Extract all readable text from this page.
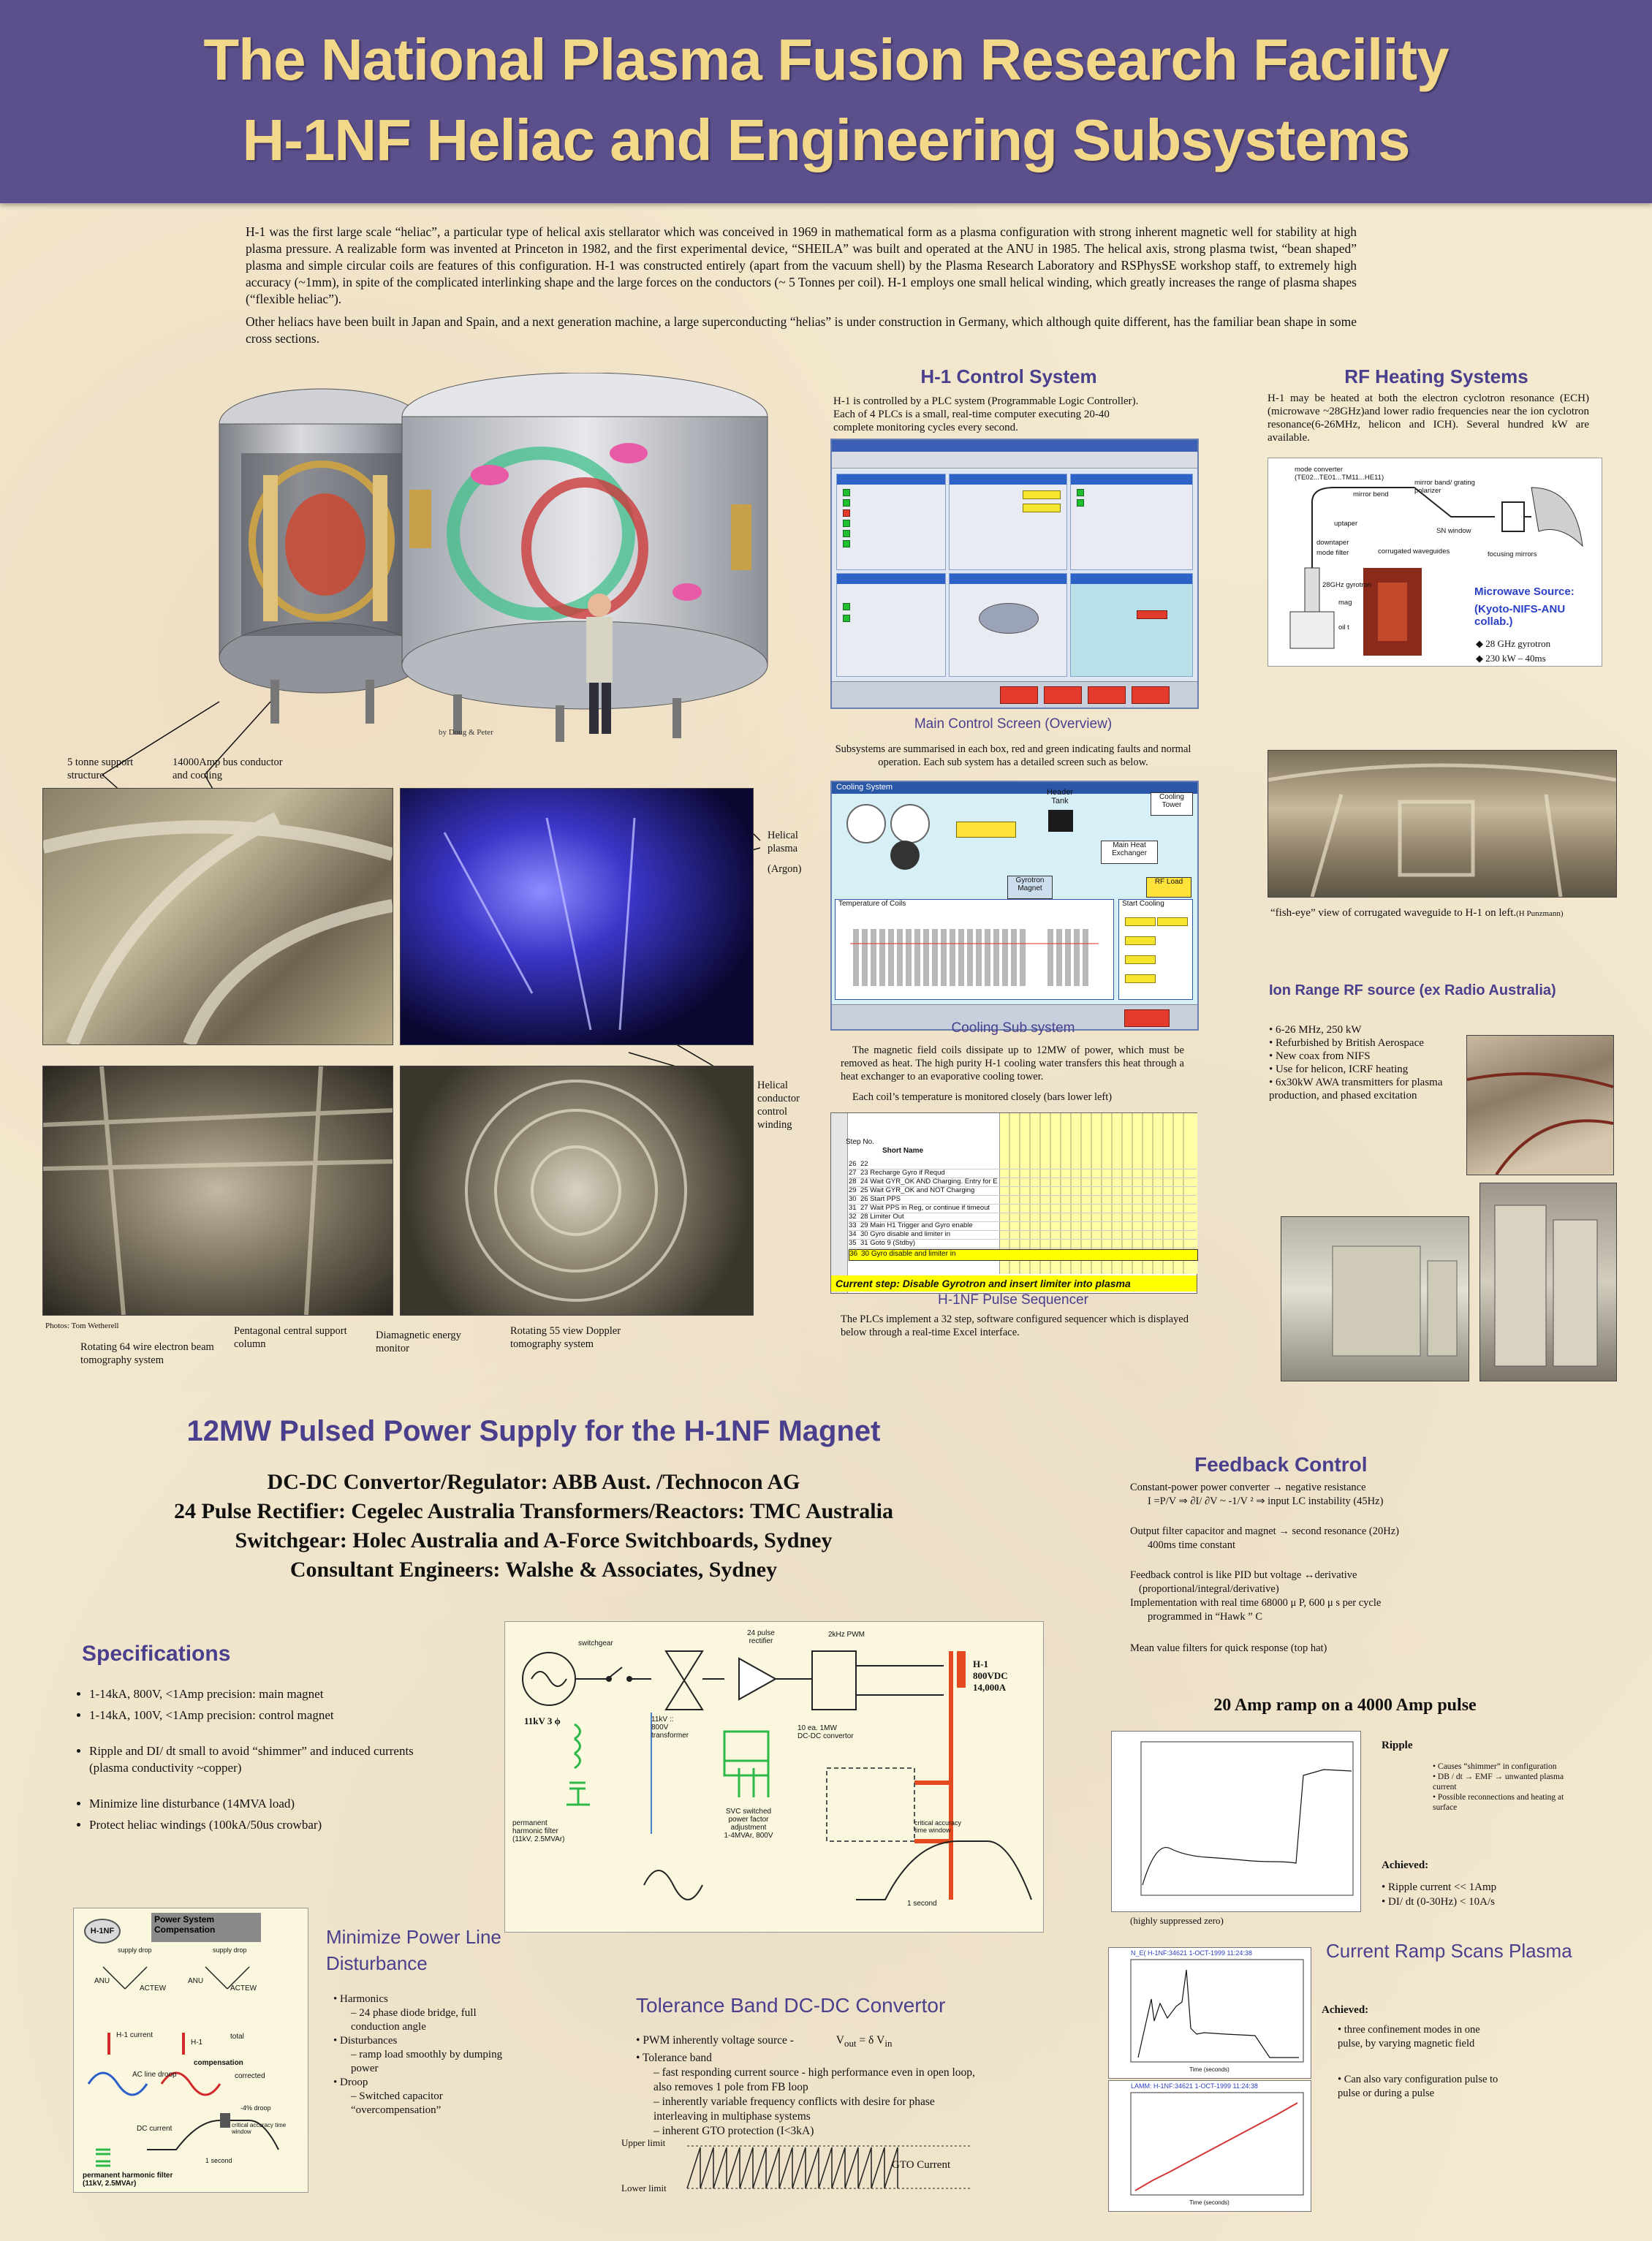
The National Plasma Fusion Research Facility
H-1NF Heliac and Engineering Subsystems

H-1 was the first large scale “heliac”, a particular type of helical axis stellarator which was conceived in 1969 in mathematical form as a plasma configuration with strong inherent magnetic well for stability at high plasma pressure. A realizable form was invented at Princeton in 1982, and the first experimental device, “SHEILA” was built and operated at the ANU in 1985. The helical axis, strong plasma twist, “bean shaped” plasma and simple circular coils are features of this configuration. H-1 was constructed entirely (apart from the vacuum shell) by the Plasma Research Laboratory and RSPhysSE workshop staff, to extremely high accuracy (~1mm), in spite of the complicated interlinking shape and the large forces on the conductors (~ 5 Tonnes per coil). H-1 employs one small helical winding, which greatly increases the range of plasma shapes (“flexible heliac”).

Other heliacs have been built in Japan and Spain, and a next generation machine, a large superconducting “helias” is under construction in Germany, which although quite different, has the familiar bean shape in some cross sections.

by Doug & Peter
5 tonne support structure
14000Amp bus conductor and cooling
Helical plasma
(Argon)
Helical conductor control winding
Photos: Tom Wetherell
Rotating 64 wire electron beam tomography system
Pentagonal central support column
Diamagnetic energy monitor
Rotating 55 view Doppler tomography system
H-1 Control System
H-1 is controlled by a PLC system (Programmable Logic Controller). Each of 4 PLCs is a small, real-time computer executing 20-40 complete monitoring cycles every second.
Main Control Screen (Overview)
Subsystems are summarised in each box, red and green indicating faults and normal operation. Each sub system has a detailed screen such as below.
Cooling System
Header Tank	Cooling Tower
Main Heat Exchanger
RF Load
Gyrotron Magnet
Temperature of Coils	Start Cooling
Cooling Sub system
The magnetic field coils dissipate up to 12MW of power, which must be removed as heat. The high purity H-1 cooling water transfers this heat through a heat exchanger to an evaporative cooling tower.
Each coil’s temperature is monitored closely (bars lower left)
Step No.
Short Name
26 22
27 23 Recharge Gyro if Requd
28 24 Wait GYR_OK AND Charging. Entry for E
29 25 Wait GYR_OK and NOT Charging
30 26 Start PPS
31 27 Wait PPS in Reg, or continue if timeout
32 28 Limiter Out
33 29 Main H1 Trigger and Gyro enable
34 30 Gyro disable and limiter in
35 31 Goto 9 (Stdby)
36 30 Gyro disable and limiter in
Current step: Disable Gyrotron and insert limiter into plasma
H-1NF Pulse Sequencer
The PLCs implement a 32 step, software configured sequencer which is displayed below through a real-time Excel interface.
RF Heating Systems
H-1 may be heated at both the electron cyclotron resonance (ECH) (microwave ~28GHz)and lower radio frequencies near the ion cyclotron resonance(6-26MHz, helicon and ICH). Several hundred kW are available.
mode converter (TE02...TE01...TM11...HE11)
mirror bend
mirror band/ grating polarizer
uptaper
downtaper
mode filter	corrugated waveguides
SN window
focusing mirrors
28GHz gyrotron
mag
oil t
Microwave Source:
(Kyoto-NIFS-ANU collab.)
◆ 28 GHz gyrotron
◆ 230 kW – 40ms
“fish-eye” view of corrugated waveguide to H-1 on left.(H Punzmann)
Ion Range RF source (ex Radio Australia)
• 6-26 MHz, 250 kW
• Refurbished by British Aerospace
• New coax from NIFS
• Use for helicon, ICRF heating
• 6x30kW AWA transmitters for plasma production, and phased excitation
12MW Pulsed Power Supply for the H-1NF Magnet
DC-DC Convertor/Regulator: ABB Aust. /Technocon AG
24 Pulse Rectifier: Cegelec Australia Transformers/Reactors: TMC Australia
Switchgear: Holec Australia and A-Force Switchboards, Sydney
Consultant Engineers: Walshe & Associates, Sydney
Specifications
• 1-14kA, 800V, <1Amp precision: main magnet
• 1-14kA, 100V, <1Amp precision: control magnet
• Ripple and DI/ dt small to avoid “shimmer” and induced currents (plasma conductivity ~copper)
• Minimize line disturbance (14MVA load)
• Protect heliac windings (100kA/50us crowbar)
switchgear
24 pulse rectifier
2kHz PWM
11kV 3 ϕ	11kV ::
800V
transformer
10 ea. 1MW
DC-DC convertor
H-1
800VDC
14,000A
permanent
harmonic filter
(11kV, 2.5MVAr)
SVC switched
power factor
adjustment
1-4MVAr, 800V
critical accuracy
time window
1 second
H-1NF
Power System Compensation
supply drop	supply drop
ANU
ACTEW
ANU
ACTEW
H-1 current
H-1
total
compensation
AC line droop	corrected
-4% droop
DC current	critical accuracy time window
1 second
permanent harmonic filter (11kV, 2.5MVAr)
Minimize Power Line Disturbance
• Harmonics
– 24 phase diode bridge, full conduction angle
• Disturbances
– ramp load smoothly by dumping power
• Droop
– Switched capacitor “overcompensation”
Tolerance Band DC-DC Convertor
• PWM inherently voltage source -	$V_{out} = \delta$ $V_{in}$
• Tolerance band
– fast responding current source - high performance even in open loop, also removes 1 pole from FB loop
– inherently variable frequency conflicts with desire for phase interleaving in multiphase systems
– inherent GTO protection (I<3kA)
Upper limit
Lower limit
GTO Current
Feedback Control
Constant-power power converter → negative resistance
I =P/V ⇒ ∂I/ ∂V ~ -1/V ² ⇒ input LC instability (45Hz)
Output filter capacitor and magnet → second resonance (20Hz)
400ms time constant
Feedback control is like PID but voltage ↔derivative
(proportional/integral/derivative)
Implementation with real time 68000 μ P, 600 μ s per cycle
programmed in “Hawk ” C
Mean value filters for quick response (top hat)
20 Amp ramp on a 4000 Amp pulse
(highly suppressed zero)
Ripple
• Causes “shimmer” in configuration
• DB / dt → EMF → unwanted plasma current
• Possible reconnections and heating at surface
Achieved:
• Ripple current << 1Amp
• DI/ dt (0-30Hz) < 10A/s
Current Ramp Scans Plasma
N_E( H-1NF:34621 1-OCT-1999 11:24:38
Time (seconds)
LAMM: H-1NF:34621 1-OCT-1999 11:24:38
Time (seconds)
Achieved:
• three confinement modes in one pulse, by varying magnetic field
• Can also vary configuration pulse to pulse or during a pulse
